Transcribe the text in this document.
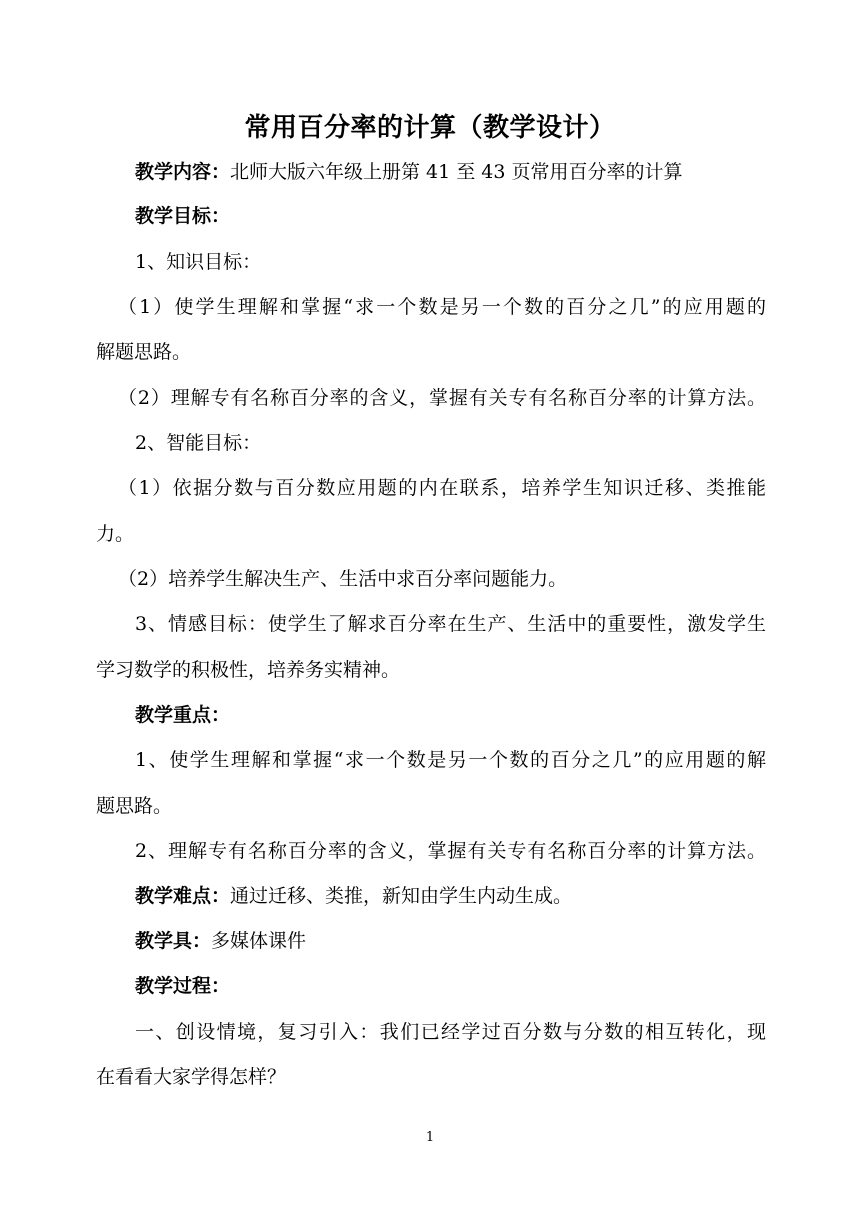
常用百分率的计算（教学设计）
教学内容：北师大版六年级上册第 41 至 43 页常用百分率的计算
教学目标：
1、知识目标：
（1）使学生理解和掌握“求一个数是另一个数的百分之几”的应用题的
解题思路。
（2）理解专有名称百分率的含义，掌握有关专有名称百分率的计算方法。
2、智能目标：
（1）依据分数与百分数应用题的内在联系，培养学生知识迁移、类推能
力。
（2）培养学生解决生产、生活中求百分率问题能力。
3、情感目标：使学生了解求百分率在生产、生活中的重要性，激发学生
学习数学的积极性，培养务实精神。
教学重点：
1、使学生理解和掌握“求一个数是另一个数的百分之几”的应用题的解
题思路。
2、理解专有名称百分率的含义，掌握有关专有名称百分率的计算方法。
教学难点：通过迁移、类推，新知由学生内动生成。
教学具：多媒体课件
教学过程：
一、创设情境，复习引入：我们已经学过百分数与分数的相互转化，现
在看看大家学得怎样？
1
